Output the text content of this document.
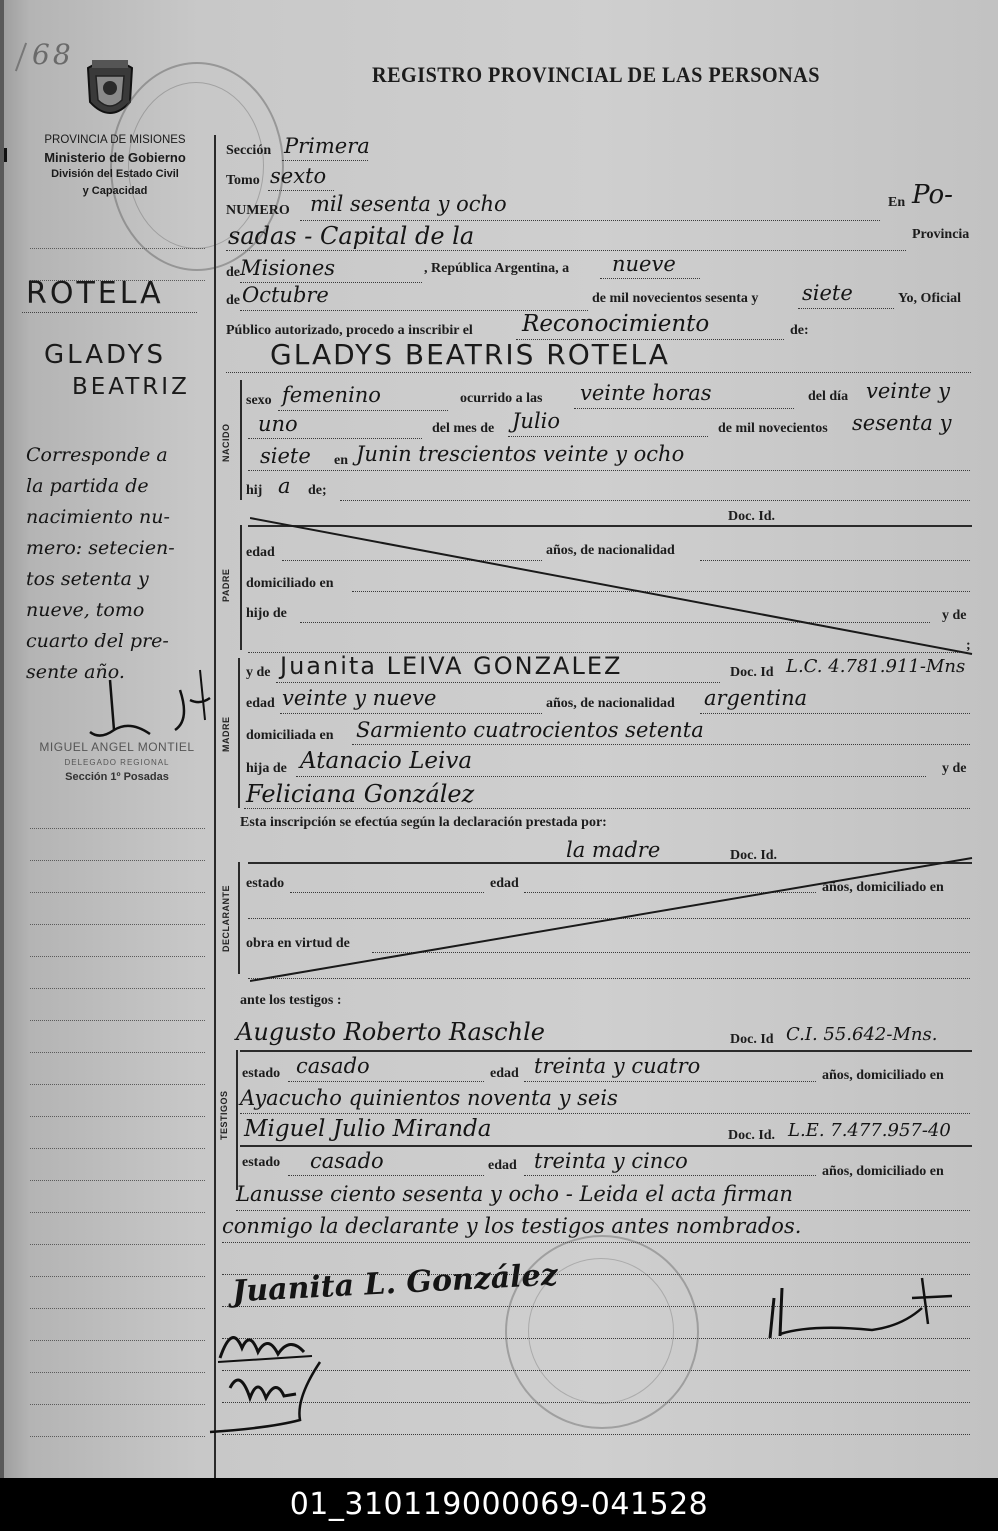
68
REGISTRO PROVINCIAL DE LAS PERSONAS
PROVINCIA DE MISIONES
Ministerio de Gobierno
División del Estado Civil
y Capacidad
ROTELA
GLADYS
BEATRIZ
Corresponde a
la partida de
nacimiento nu-
mero: setecien-
tos setenta y
nueve, tomo
cuarto del pre-
sente año.
MIGUEL ANGEL MONTIEL
DELEGADO REGIONAL
Sección 1º Posadas
Sección Primera
Tomo sexto
NUMERO mil sesenta y ocho	En Po-
sadas - Capital de la	Provincia
de Misiones	, República Argentina, a nueve
de Octubre	de mil novecientos sesenta y siete	Yo, Oficial
Público autorizado, procedo a inscribir el Reconocimiento	de:
GLADYS BEATRIS ROTELA
NACIDO
PADRE
MADRE
DECLARANTE
TESTIGOS
sexo femenino	ocurrido a las veinte horas	del día veinte y
uno	del mes de Julio	de mil novecientos sesenta y
siete en Junin trescientos veinte y ocho
hij a de;
Doc. Id.
edad	años, de nacionalidad
domiciliado en
hijo de	y de
;
y de Juanita LEIVA GONZALEZ	Doc. Id L.C. 4.781.911-Mns
edad veinte y nueve	años, de nacionalidad argentina
domiciliada en Sarmiento cuatrocientos setenta
hija de Atanacio Leiva	y de
Feliciana González
Esta inscripción se efectúa según la declaración prestada por:
la madre	Doc. Id.
estado	edad	años, domiciliado en
obra en virtud de
ante los testigos :
Augusto Roberto Raschle	Doc. Id C.I. 55.642-Mns.
estado casado	edad treinta y cuatro	años, domiciliado en
Ayacucho quinientos noventa y seis
Miguel Julio Miranda	Doc. Id. L.E. 7.477.957-40
estado casado	edad treinta y cinco	años, domiciliado en
Lanusse ciento sesenta y ocho - Leida el acta firman
conmigo la declarante y los testigos antes nombrados.
Juanita L. González
01_310119000069-041528
